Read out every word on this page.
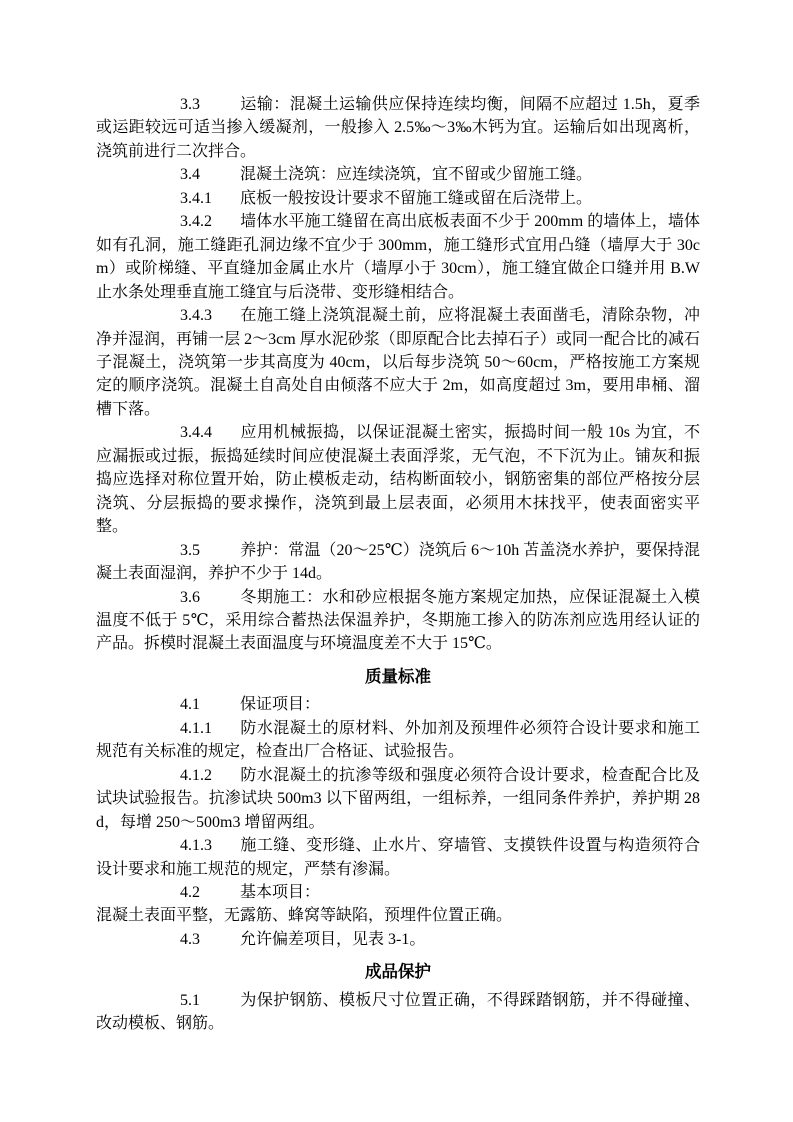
3.3	运输：混凝土运输供应保持连续均衡，间隔不应超过 1.5h，夏季或运距较远可适当掺入缓凝剂，一般掺入 2.5‰～3‰木钙为宜。运输后如出现离析，浇筑前进行二次拌合。

3.4	混凝土浇筑：应连续浇筑，宜不留或少留施工缝。

3.4.1 底板一般按设计要求不留施工缝或留在后浇带上。

3.4.2 墙体水平施工缝留在高出底板表面不少于 200mm 的墙体上，墙体如有孔洞，施工缝距孔洞边缘不宜少于 300mm，施工缝形式宜用凸缝（墙厚大于 30cm）或阶梯缝、平直缝加金属止水片（墙厚小于 30cm），施工缝宜做企口缝并用 B.W 止水条处理垂直施工缝宜与后浇带、变形缝相结合。

3.4.3 在施工缝上浇筑混凝土前，应将混凝土表面凿毛，清除杂物，冲净并湿润，再铺一层 2～3cm 厚水泥砂浆（即原配合比去掉石子）或同一配合比的减石子混凝土，浇筑第一步其高度为 40cm，以后每步浇筑 50～60cm，严格按施工方案规定的顺序浇筑。混凝土自高处自由倾落不应大于 2m，如高度超过 3m，要用串桶、溜槽下落。

3.4.4 应用机械振捣，以保证混凝土密实，振捣时间一般 10s 为宜，不应漏振或过振，振捣延续时间应使混凝土表面浮浆，无气泡，不下沉为止。铺灰和振捣应选择对称位置开始，防止模板走动，结构断面较小，钢筋密集的部位严格按分层浇筑、分层振捣的要求操作，浇筑到最上层表面，必须用木抹找平，使表面密实平整。

3.5	养护：常温（20～25℃）浇筑后 6～10h 苫盖浇水养护，要保持混凝土表面湿润，养护不少于 14d。

3.6	冬期施工：水和砂应根据冬施方案规定加热，应保证混凝土入模温度不低于 5℃，采用综合蓄热法保温养护，冬期施工掺入的防冻剂应选用经认证的产品。拆模时混凝土表面温度与环境温度差不大于 15℃。

质量标准

4.1	保证项目：

4.1.1 防水混凝土的原材料、外加剂及预埋件必须符合设计要求和施工规范有关标准的规定，检查出厂合格证、试验报告。

4.1.2 防水混凝土的抗渗等级和强度必须符合设计要求，检查配合比及试块试验报告。抗渗试块 500m3 以下留两组，一组标养，一组同条件养护，养护期 28d，每增 250～500m3 增留两组。

4.1.3 施工缝、变形缝、止水片、穿墙管、支摸铁件设置与构造须符合设计要求和施工规范的规定，严禁有渗漏。

4.2	基本项目：

混凝土表面平整，无露筋、蜂窝等缺陷，预埋件位置正确。

4.3	允许偏差项目，见表 3-1。

成品保护

5.1	为保护钢筋、模板尺寸位置正确，不得踩踏钢筋，并不得碰撞、改动模板、钢筋。
